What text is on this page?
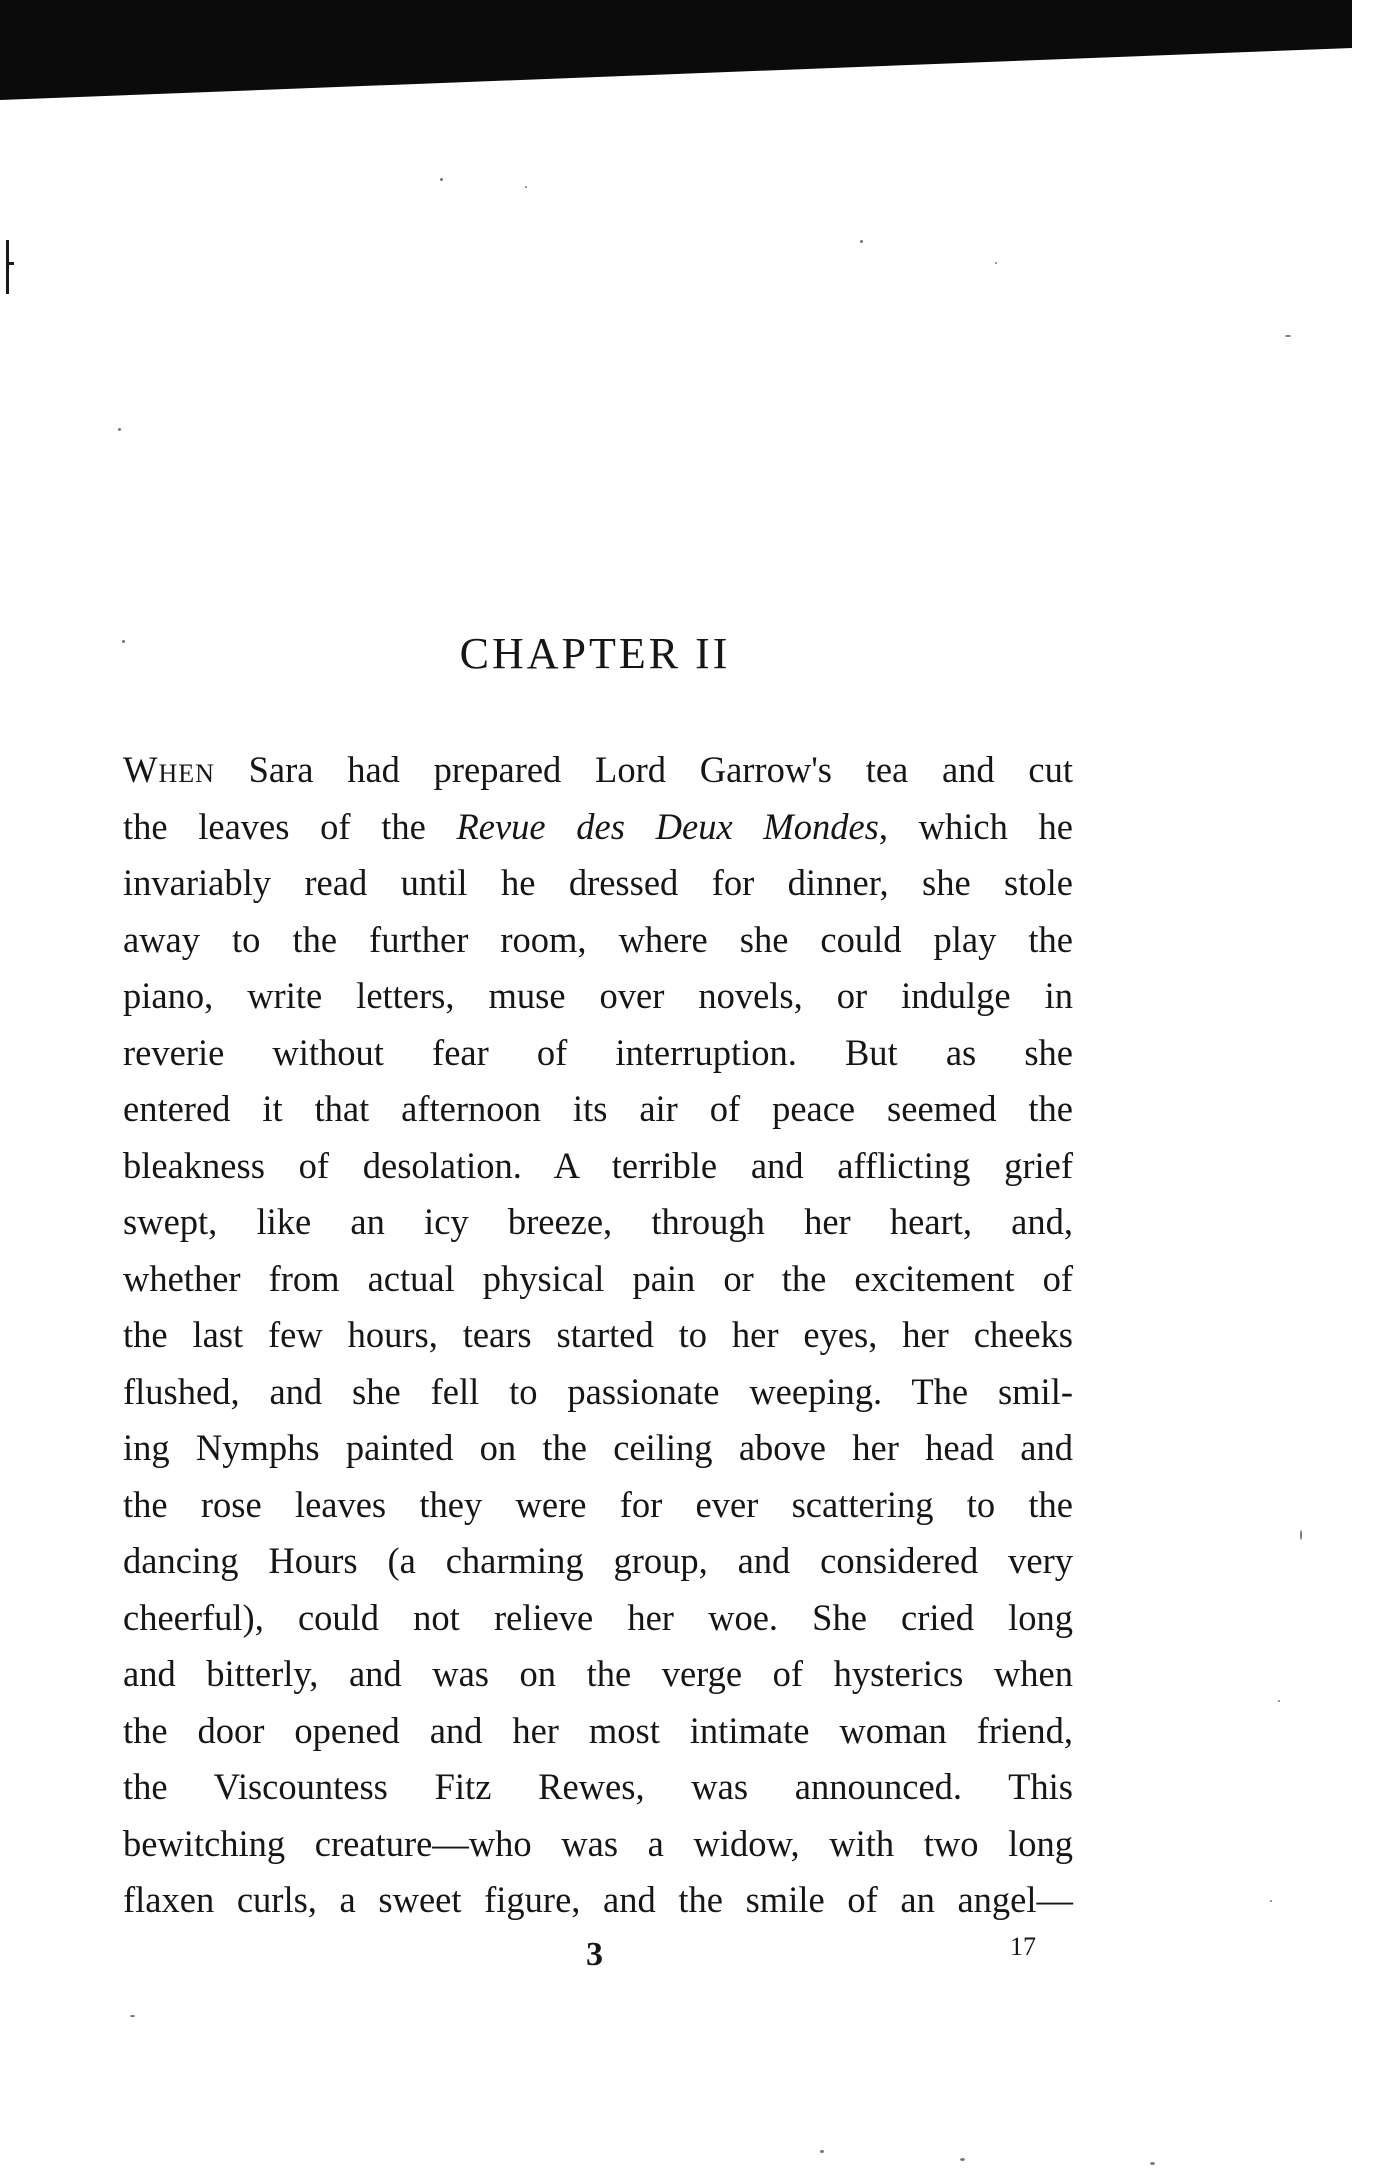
CHAPTER II
When Sara had prepared Lord Garrow's tea and cut
the leaves of the Revue des Deux Mondes, which he
invariably read until he dressed for dinner, she stole
away to the further room, where she could play the
piano, write letters, muse over novels, or indulge in
reverie without fear of interruption. But as she
entered it that afternoon its air of peace seemed the
bleakness of desolation. A terrible and afflicting grief
swept, like an icy breeze, through her heart, and,
whether from actual physical pain or the excitement of
the last few hours, tears started to her eyes, her cheeks
flushed, and she fell to passionate weeping. The smil-
ing Nymphs painted on the ceiling above her head and
the rose leaves they were for ever scattering to the
dancing Hours (a charming group, and considered very
cheerful), could not relieve her woe. She cried long
and bitterly, and was on the verge of hysterics when
the door opened and her most intimate woman friend,
the Viscountess Fitz Rewes, was announced. This
bewitching creature—who was a widow, with two long
flaxen curls, a sweet figure, and the smile of an angel—
3	17
